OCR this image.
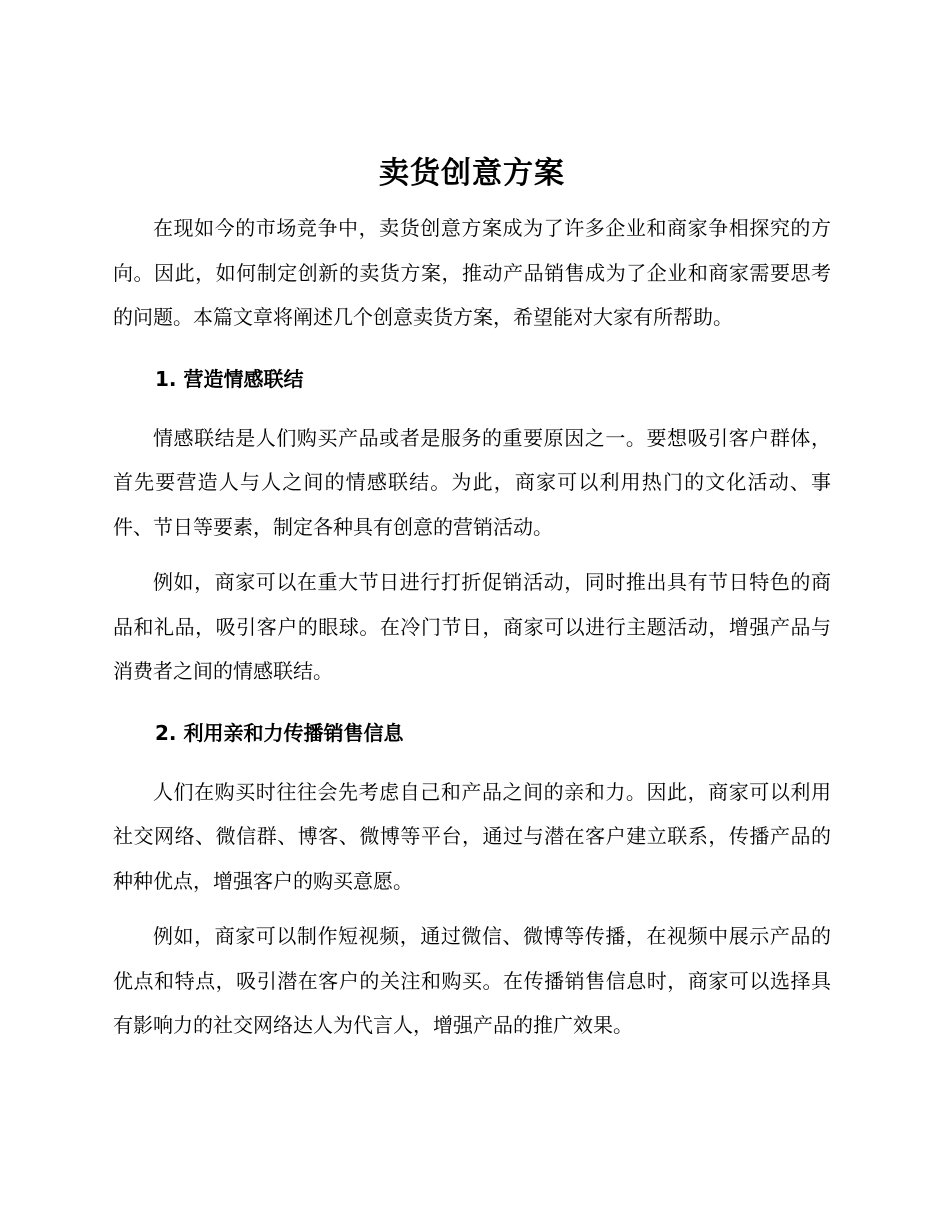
卖货创意方案

在现如今的市场竞争中，卖货创意方案成为了许多企业和商家争相探究的方向。因此，如何制定创新的卖货方案，推动产品销售成为了企业和商家需要思考的问题。本篇文章将阐述几个创意卖货方案，希望能对大家有所帮助。

1. 营造情感联结

情感联结是人们购买产品或者是服务的重要原因之一。要想吸引客户群体，首先要营造人与人之间的情感联结。为此，商家可以利用热门的文化活动、事件、节日等要素，制定各种具有创意的营销活动。

例如，商家可以在重大节日进行打折促销活动，同时推出具有节日特色的商品和礼品，吸引客户的眼球。在冷门节日，商家可以进行主题活动，增强产品与消费者之间的情感联结。

2. 利用亲和力传播销售信息

人们在购买时往往会先考虑自己和产品之间的亲和力。因此，商家可以利用社交网络、微信群、博客、微博等平台，通过与潜在客户建立联系，传播产品的种种优点，增强客户的购买意愿。

例如，商家可以制作短视频，通过微信、微博等传播，在视频中展示产品的优点和特点，吸引潜在客户的关注和购买。在传播销售信息时，商家可以选择具有影响力的社交网络达人为代言人，增强产品的推广效果。
